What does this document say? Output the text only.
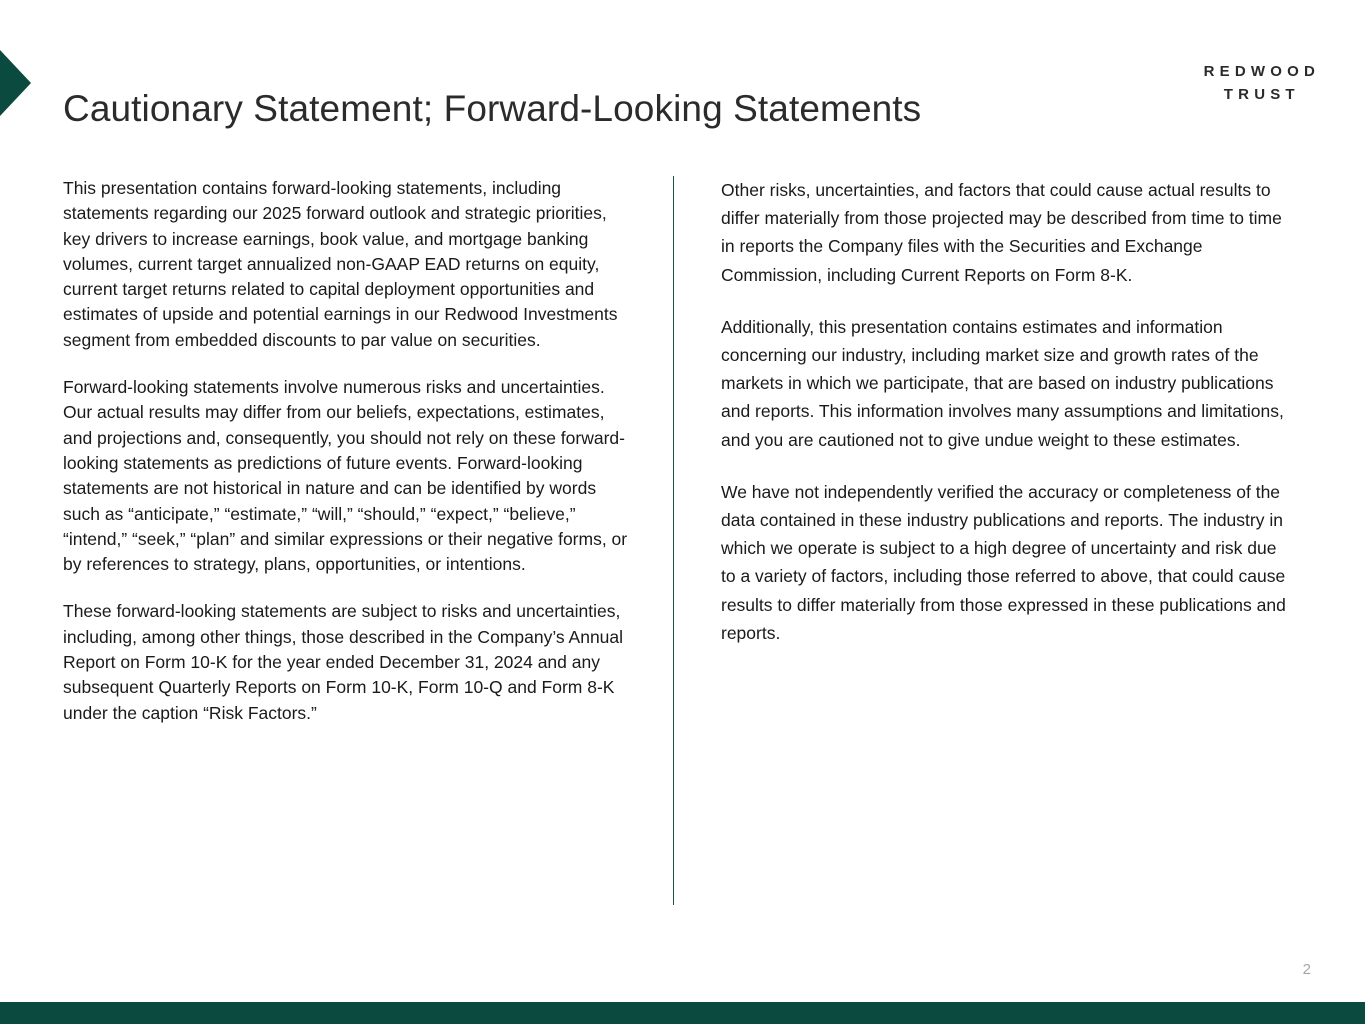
Cautionary Statement; Forward-Looking Statements
REDWOOD
TRUST

This presentation contains forward-looking statements, including statements regarding our 2025 forward outlook and strategic priorities, key drivers to increase earnings, book value, and mortgage banking volumes, current target annualized non-GAAP EAD returns on equity, current target returns related to capital deployment opportunities and estimates of upside and potential earnings in our Redwood Investments segment from embedded discounts to par value on securities.

Forward-looking statements involve numerous risks and uncertainties. Our actual results may differ from our beliefs, expectations, estimates, and projections and, consequently, you should not rely on these forward-looking statements as predictions of future events. Forward-looking statements are not historical in nature and can be identified by words such as “anticipate,” “estimate,” “will,” “should,” “expect,” “believe,” “intend,” “seek,” “plan” and similar expressions or their negative forms, or by references to strategy, plans, opportunities, or intentions.

These forward-looking statements are subject to risks and uncertainties, including, among other things, those described in the Company’s Annual Report on Form 10-K for the year ended December 31, 2024 and any subsequent Quarterly Reports on Form 10-K, Form 10-Q and Form 8-K under the caption “Risk Factors.”

Other risks, uncertainties, and factors that could cause actual results to differ materially from those projected may be described from time to time in reports the Company files with the Securities and Exchange Commission, including Current Reports on Form 8-K.

Additionally, this presentation contains estimates and information concerning our industry, including market size and growth rates of the markets in which we participate, that are based on industry publications and reports. This information involves many assumptions and limitations, and you are cautioned not to give undue weight to these estimates.

We have not independently verified the accuracy or completeness of the data contained in these industry publications and reports. The industry in which we operate is subject to a high degree of uncertainty and risk due to a variety of factors, including those referred to above, that could cause results to differ materially from those expressed in these publications and reports.

2
